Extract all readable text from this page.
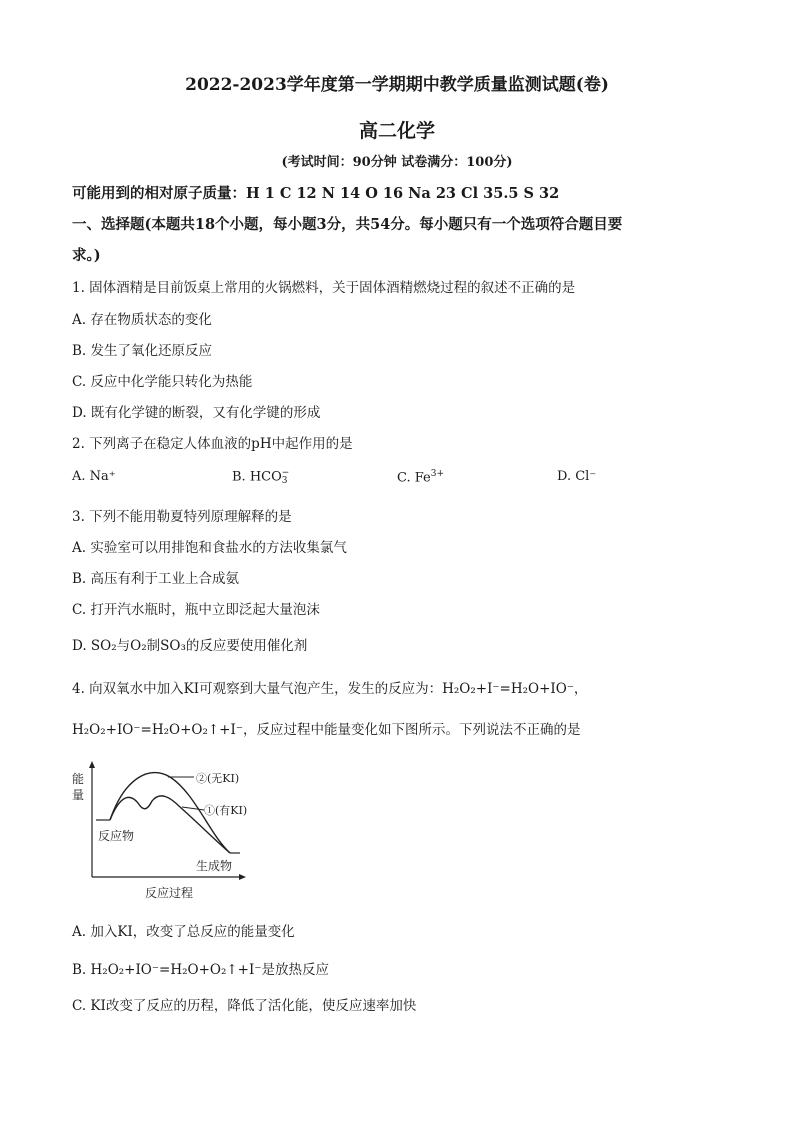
2022-2023学年度第一学期期中教学质量监测试题(卷)
高二化学
(考试时间：90分钟 试卷满分：100分)
可能用到的相对原子质量：H 1 C 12 N 14 O 16 Na 23 Cl 35.5 S 32
一、选择题(本题共18个小题，每小题3分，共54分。每小题只有一个选项符合题目要
求。)
1. 固体酒精是目前饭桌上常用的火锅燃料，关于固体酒精燃烧过程的叙述不正确的是
A. 存在物质状态的变化
B. 发生了氧化还原反应
C. 反应中化学能只转化为热能
D. 既有化学键的断裂，又有化学键的形成
2. 下列离子在稳定人体血液的pH中起作用的是
A. Na⁺	B. HCO −
3	C. $Fe^{3+}$	D. Cl⁻
3. 下列不能用勒夏特列原理解释的是
A. 实验室可以用排饱和食盐水的方法收集氯气
B. 高压有利于工业上合成氨
C. 打开汽水瓶时，瓶中立即泛起大量泡沫
D. SO₂与O₂制SO₃的反应要使用催化剂
4. 向双氧水中加入KI可观察到大量气泡产生，发生的反应为：H₂O₂+I⁻=H₂O+IO⁻，
H₂O₂+IO⁻=H₂O+O₂↑+I⁻，反应过程中能量变化如下图所示。下列说法不正确的是
能
量
②(无KI)
①(有KI)
反应物
生成物
反应过程
A. 加入KI，改变了总反应的能量变化
B. H₂O₂+IO⁻=H₂O+O₂↑+I⁻是放热反应
C. KI改变了反应的历程，降低了活化能，使反应速率加快
